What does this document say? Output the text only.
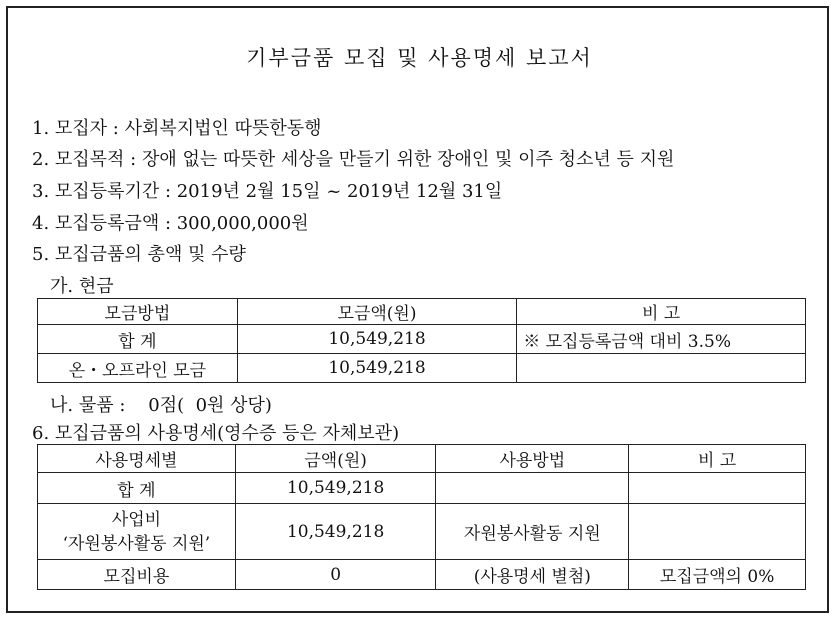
기부금품 모집 및 사용명세 보고서
1. 모집자 : 사회복지법인 따뜻한동행
2. 모집목적 : 장애 없는 따뜻한 세상을 만들기 위한 장애인 및 이주 청소년 등 지원
3. 모집등록기간 : 2019년 2월 15일 ~ 2019년 12월 31일
4. 모집등록금액 : 300,000,000원
5. 모집금품의 총액 및 수량
가. 현금
모금방법	모금액(원)	비 고
합 계	10,549,218	※ 모집등록금액 대비 3.5%
온・오프라인 모금	10,549,218	
나. 물품 :    0점(  0원 상당)
6. 모집금품의 사용명세(영수증 등은 자체보관)
사용명세별	금액(원)	사용방법	비 고
합 계	10,549,218		

사업비
‘자원봉사활동 지원’	10,549,218	자원봉사활동 지원	
모집비용	0	(사용명세 별첨)	모집금액의 0%
